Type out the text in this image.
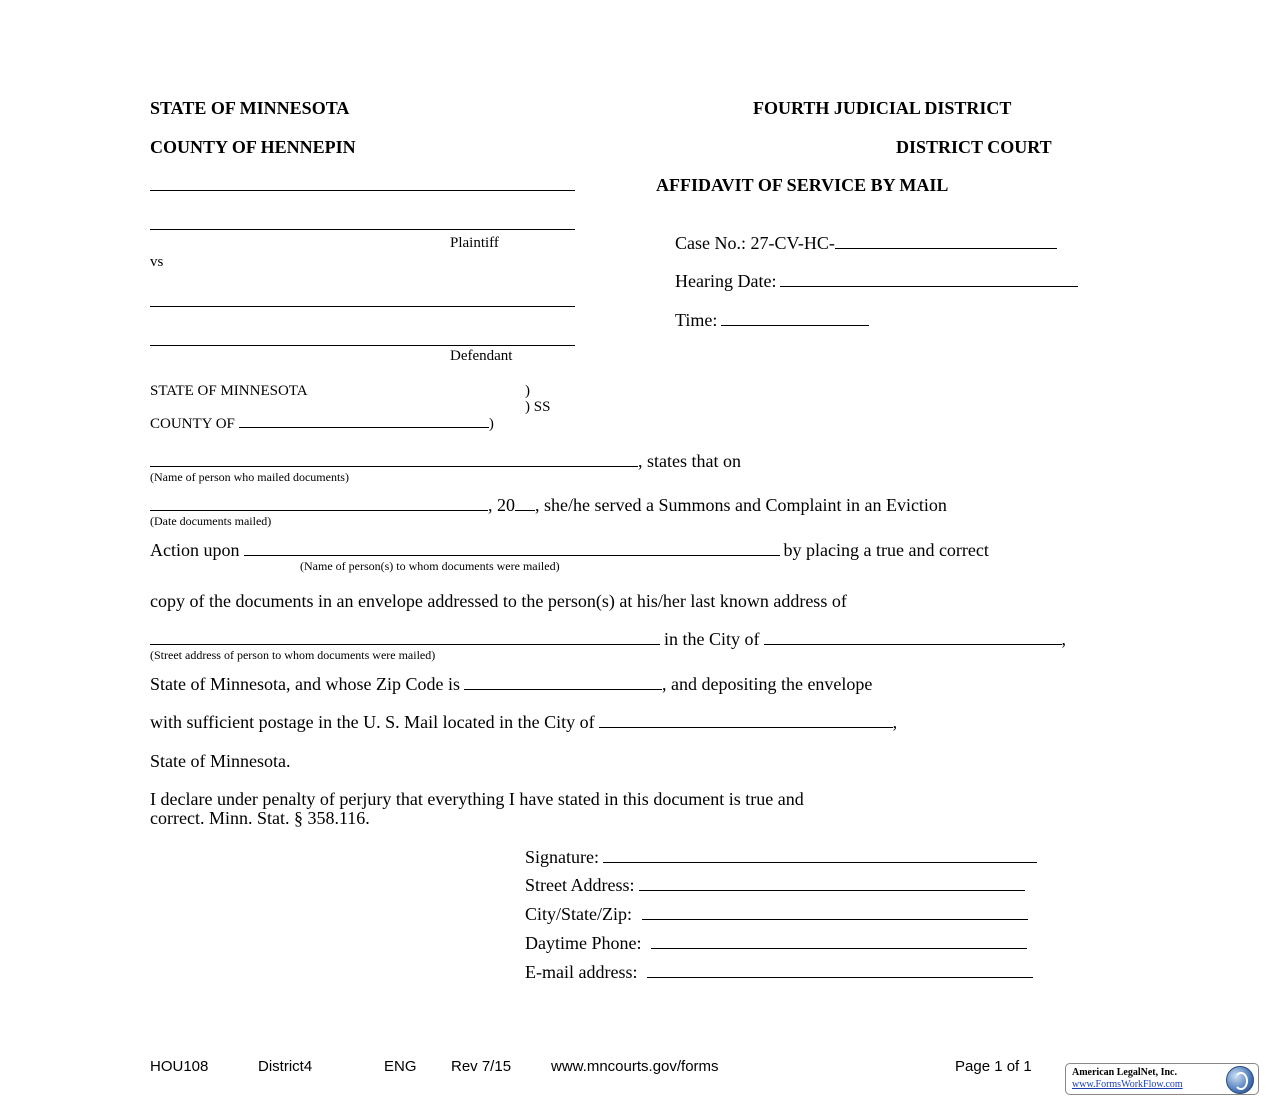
STATE OF MINNESOTA	FOURTH JUDICIAL DISTRICT
COUNTY OF HENNEPIN	DISTRICT COURT
AFFIDAVIT OF SERVICE BY MAIL
Plaintiff
vs
Defendant
Case No.: 27-CV-HC-
Hearing Date:
Time:
STATE OF MINNESOTA	)
) SS
COUNTY OF	)
, states that on
(Name of person who mailed documents)
, 20 , she/he served a Summons and Complaint in an Eviction
(Date documents mailed)
Action upon	by placing a true and correct
(Name of person(s) to whom documents were mailed)
copy of the documents in an envelope addressed to the person(s) at his/her last known address of
in the City of	,
(Street address of person to whom documents were mailed)
State of Minnesota, and whose Zip Code is	, and depositing the envelope
with sufficient postage in the U. S. Mail located in the City of	,
State of Minnesota.
I declare under penalty of perjury that everything I have stated in this document is true and
correct. Minn. Stat. § 358.116.
Signature:
Street Address:
City/State/Zip:
Daytime Phone:
E-mail address:
HOU108	District4	ENG Rev 7/15	www.mncourts.gov/forms	Page 1 of 1	American LegalNet, Inc.
www.FormsWorkFlow.com
